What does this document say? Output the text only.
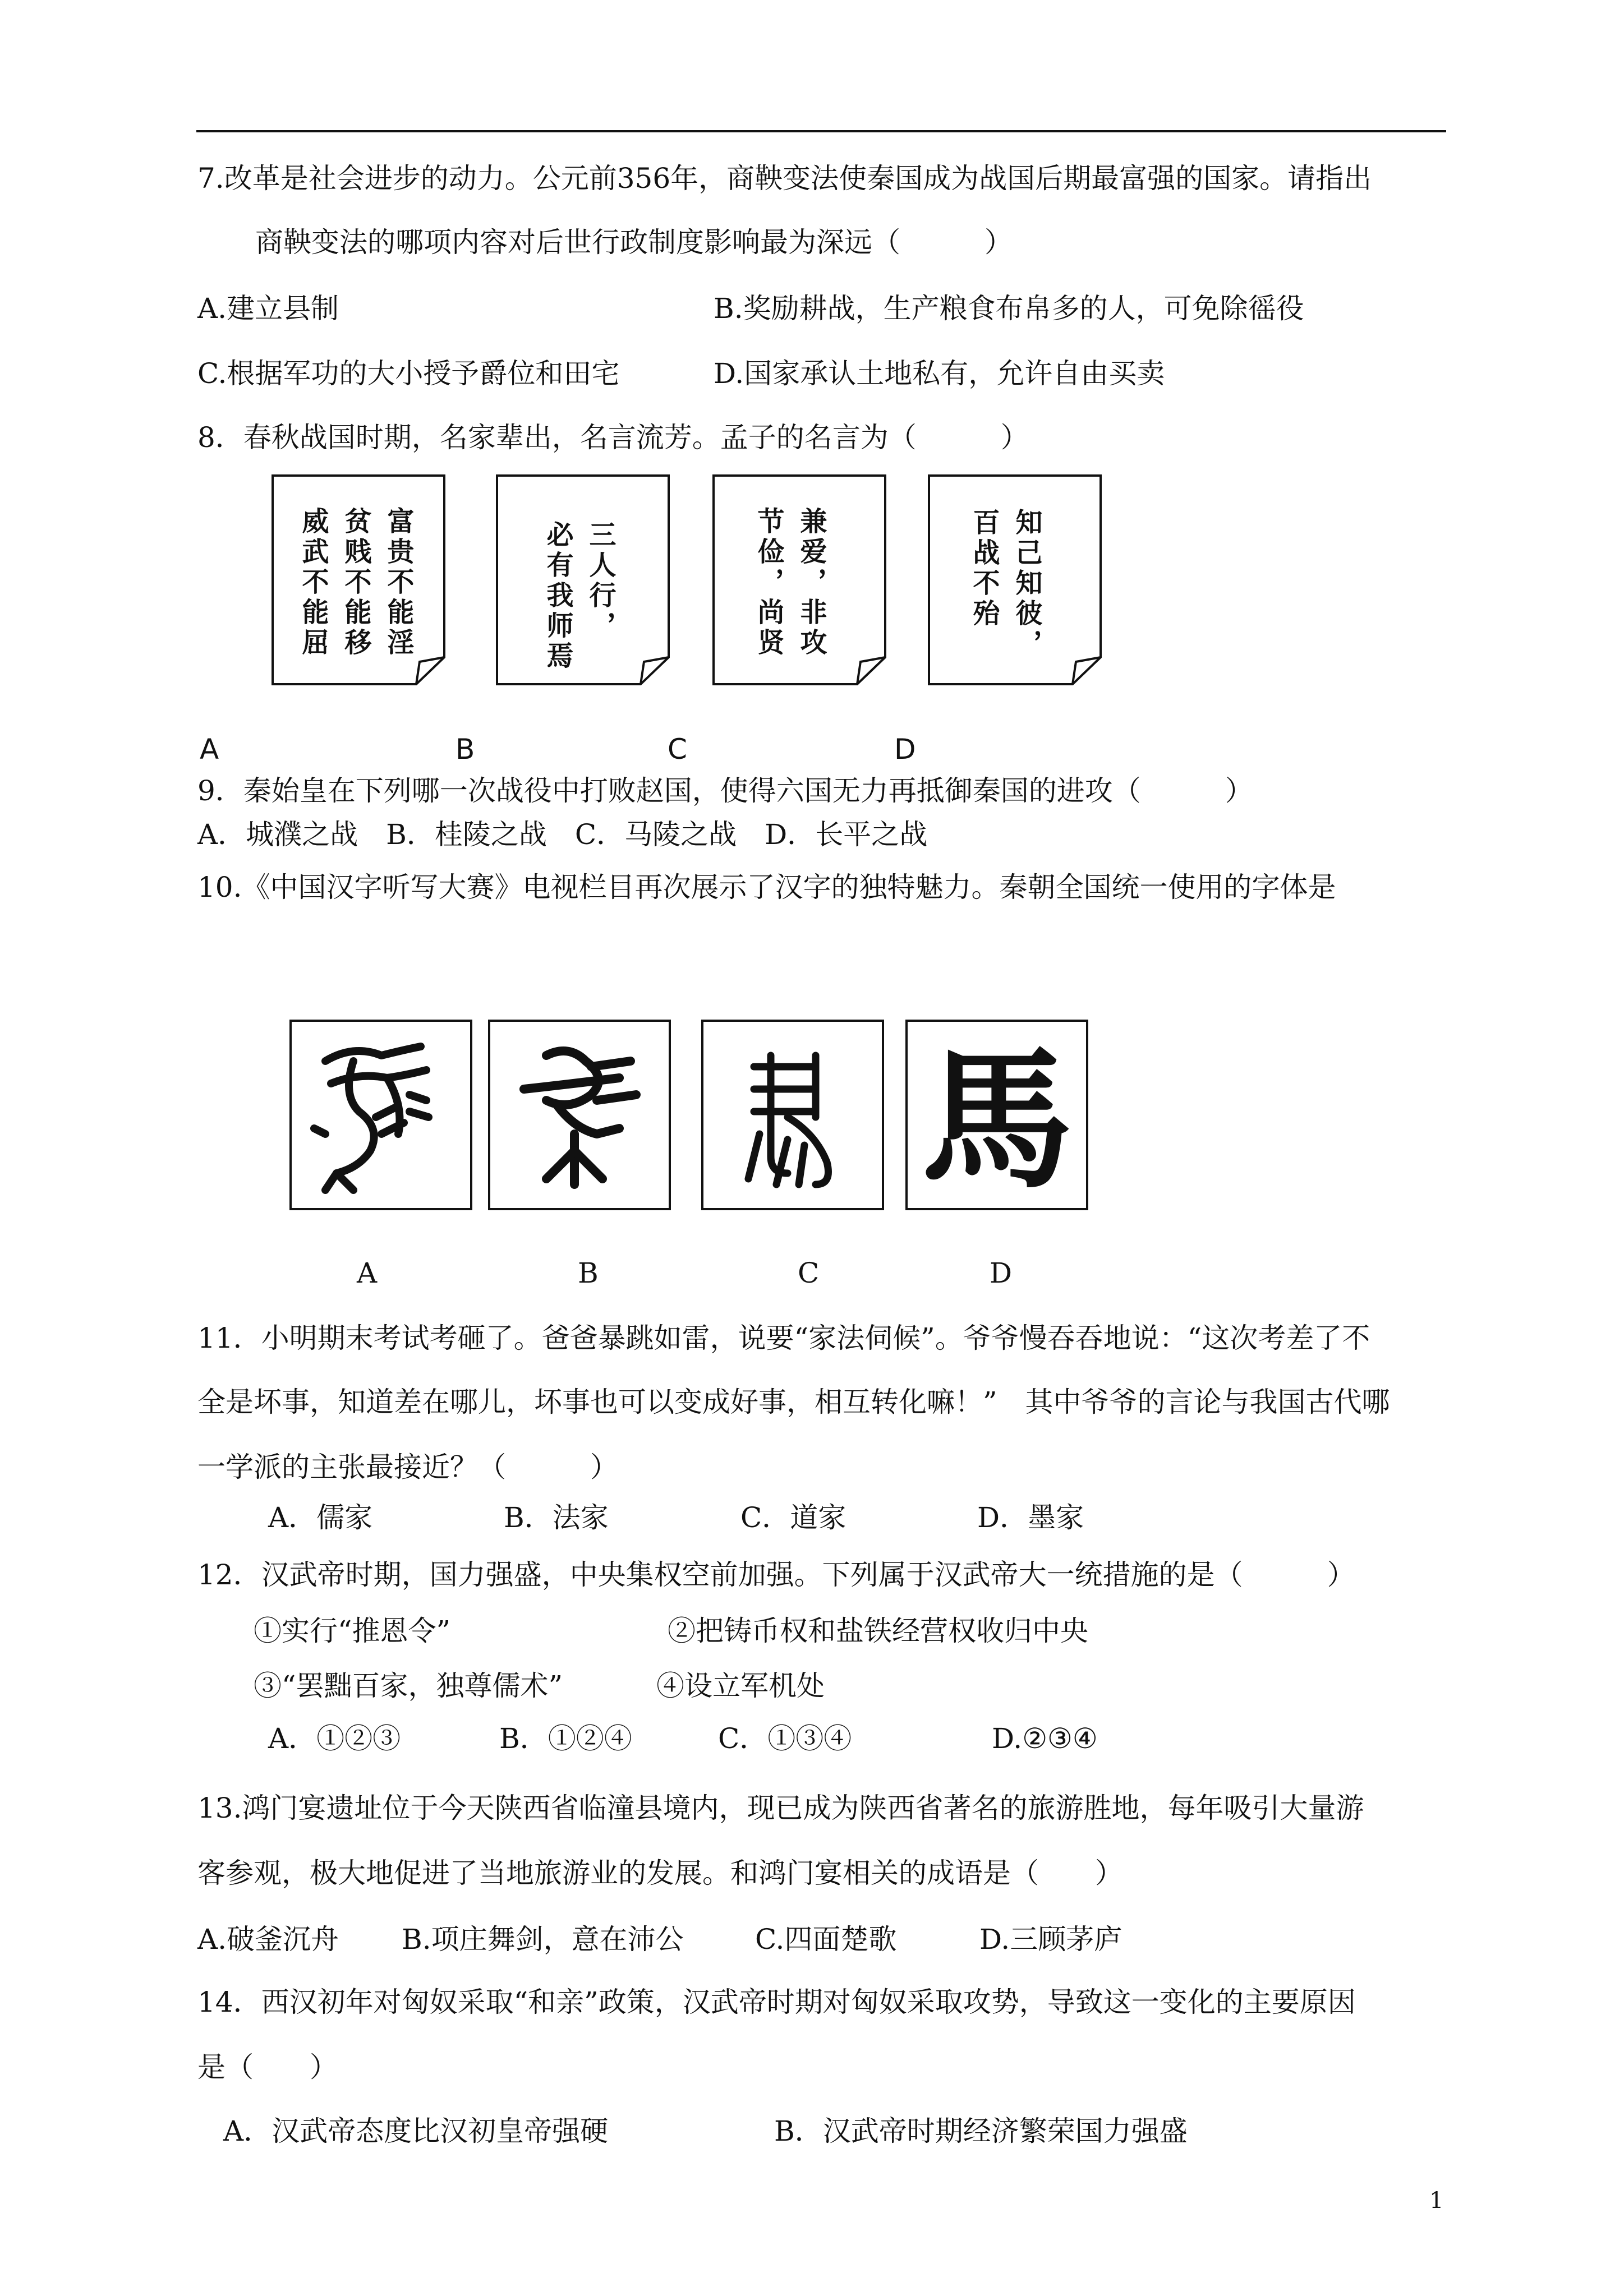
7.改革是社会进步的动力。公元前356年，商鞅变法使秦国成为战国后期最富强的国家。请指出
商鞅变法的哪项内容对后世行政制度影响最为深远（　　　）
A.建立县制	B.奖励耕战，生产粮食布帛多的人，可免除徭役
C.根据军功的大小授予爵位和田宅	D.国家承认土地私有，允许自由买卖
8．春秋战国时期，名家辈出，名言流芳。孟子的名言为（　　　）
富贵不能淫
贫贱不能移
威武不能屈	三人行，
必有我师焉	兼爱，非攻
节俭，尚贤	知己知彼，
百战不殆
A	B	C	D
9．秦始皇在下列哪一次战役中打败赵国，使得六国无力再抵御秦国的进攻（　　　）
A．城濮之战　B．桂陵之战　C．马陵之战　D．长平之战
10.《中国汉字听写大赛》电视栏目再次展示了汉字的独特魅力。秦朝全国统一使用的字体是
馬
A	B	C	D
11．小明期末考试考砸了。爸爸暴跳如雷，说要“家法伺候”。爷爷慢吞吞地说：“这次考差了不
全是坏事，知道差在哪儿，坏事也可以变成好事，相互转化嘛！”　其中爷爷的言论与我国古代哪
一学派的主张最接近？（　　　）
A．儒家	B．法家	C．道家	D．墨家
12．汉武帝时期，国力强盛，中央集权空前加强。下列属于汉武帝大一统措施的是（　　　）
①实行“推恩令”	②把铸币权和盐铁经营权收归中央
③“罢黜百家，独尊儒术”	④设立军机处
A．①②③	B．①②④	C．①③④	D.②③④
13.鸿门宴遗址位于今天陕西省临潼县境内，现已成为陕西省著名的旅游胜地，每年吸引大量游
客参观，极大地促进了当地旅游业的发展。和鸿门宴相关的成语是（　　）
A.破釜沉舟 B.项庄舞剑，意在沛公	C.四面楚歌	D.三顾茅庐
14．西汉初年对匈奴采取“和亲”政策，汉武帝时期对匈奴采取攻势，导致这一变化的主要原因
是（　　）
A．汉武帝态度比汉初皇帝强硬	B．汉武帝时期经济繁荣国力强盛
1
